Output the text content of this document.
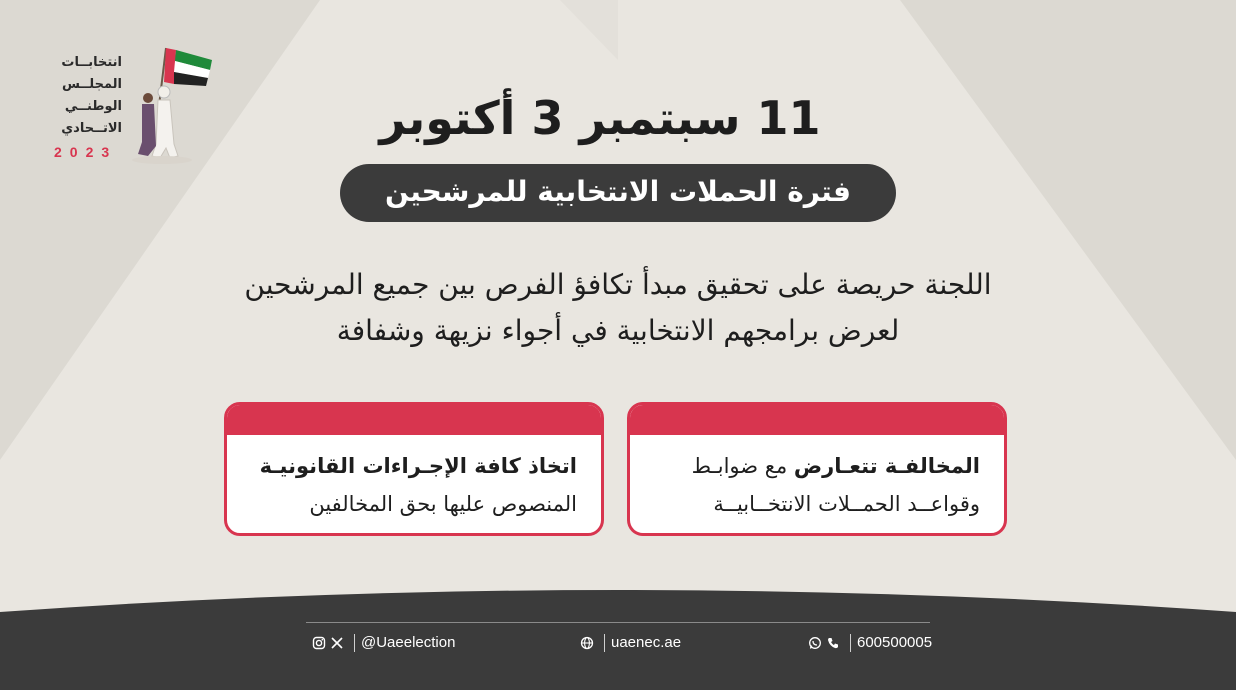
انتخابــات
المجلــس
الوطنــي
الاتــحادي
2023
11 سبتمبر 3 أكتوبر
فترة الحملات الانتخابية للمرشحين
اللجنة حريصة على تحقيق مبدأ تكافؤ الفرص بين جميع المرشحين
لعرض برامجهم الانتخابية في أجواء نزيهة وشفافة
المخالفـة تتعـارض مع ضوابـط
وقواعــد الحمــلات الانتخــابيــة
اتخاذ كافة الإجـراءات القانونيـة
المنصوص عليها بحق المخالفين
@Uaeelection	uaenec.ae	600500005
